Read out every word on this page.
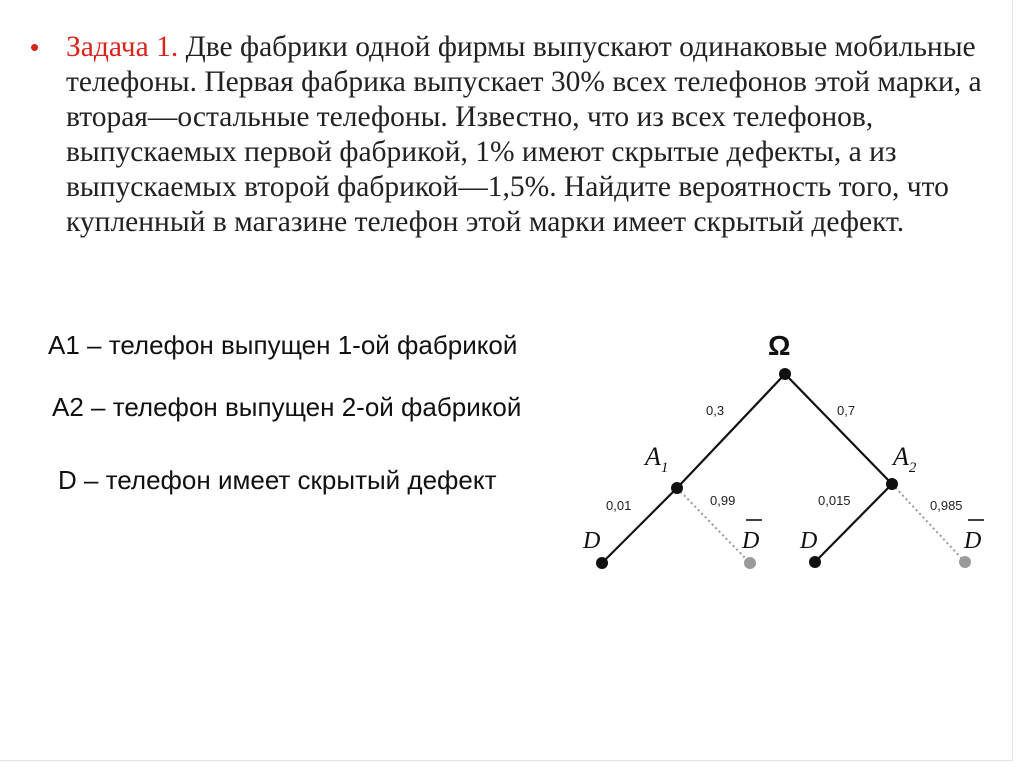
• Задача 1. Две фабрики одной фирмы выпускают одинаковые мобильные телефоны. Первая фабрика выпускает 30% всех телефонов этой марки, а вторая—остальные телефоны. Известно, что из всех телефонов, выпускаемых первой фабрикой, 1% имеют скрытые дефекты, а из выпускаемых второй фабрикой—1,5%. Найдите вероятность того, что купленный в магазине телефон этой марки имеет скрытый дефект.
A1 – телефон выпущен 1-ой фабрикой
A2 – телефон выпущен 2-ой фабрикой
D – телефон имеет скрытый дефект
Ω
$A_1$	$A_2$
D	D D	D
0,3	0,7
0,01	0,99	0,015	0,985
